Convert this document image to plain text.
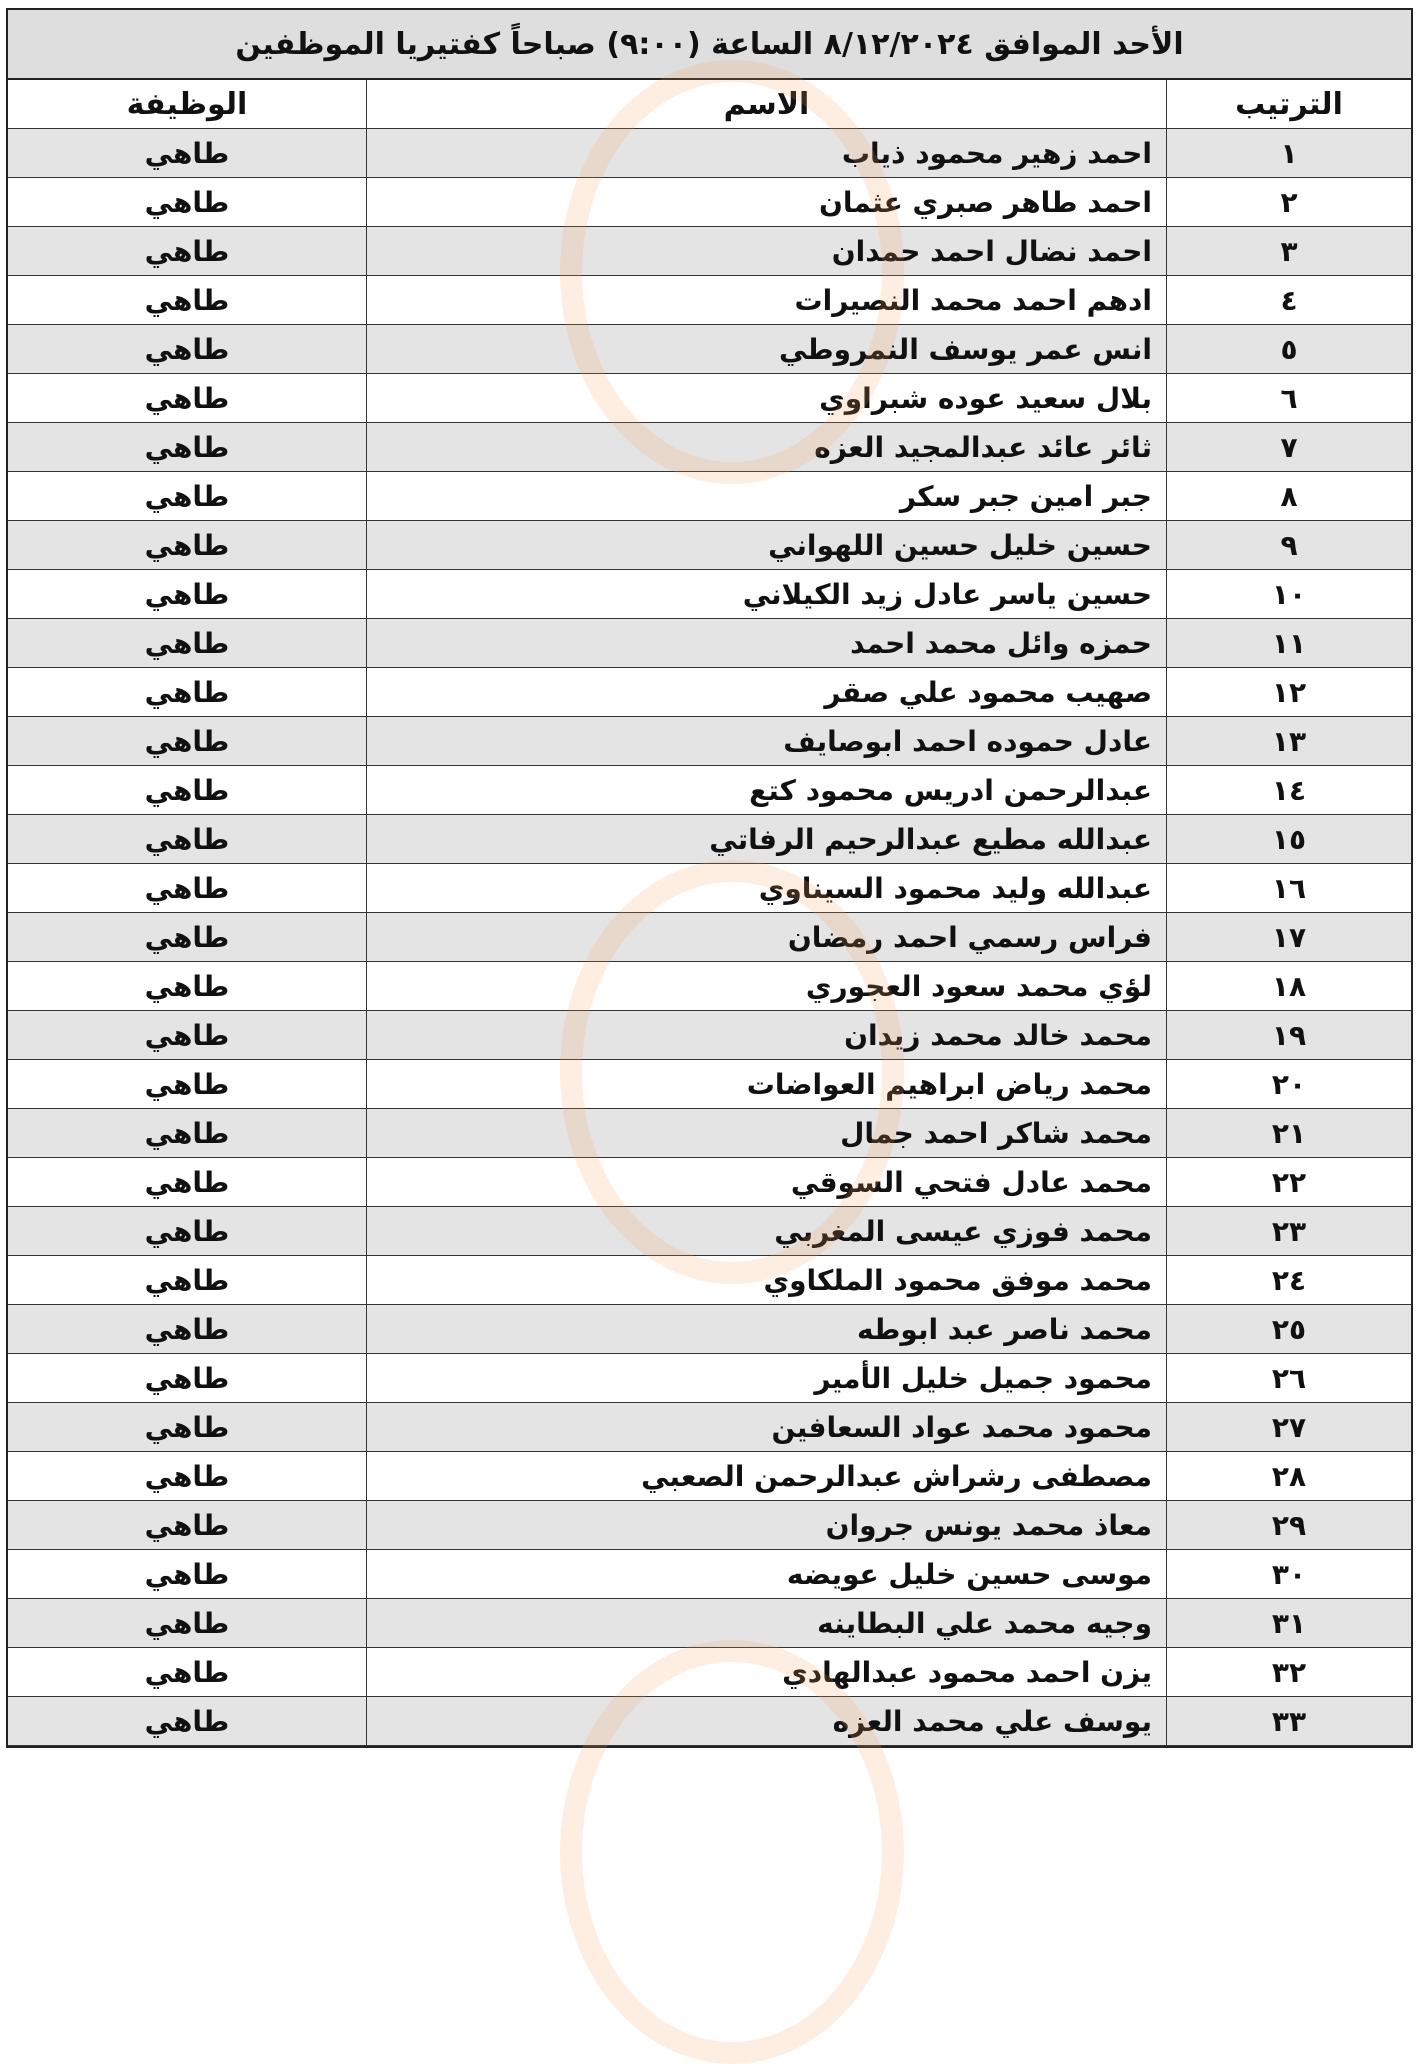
الأحد الموافق ٨/١٢/٢٠٢٤ الساعة (٩:٠٠) صباحاً كفتيريا الموظفين
الترتيب	الاسم	الوظيفة
١	احمد زهير محمود ذياب	طاهي
٢	احمد طاهر صبري عثمان	طاهي
٣	احمد نضال احمد حمدان	طاهي
٤	ادهم احمد محمد النصيرات	طاهي
٥	انس عمر يوسف النمروطي	طاهي
٦	بلال سعيد عوده شبراوي	طاهي
٧	ثائر عائد عبدالمجيد العزه	طاهي
٨	جبر امين جبر سكر	طاهي
٩	حسين خليل حسين اللهواني	طاهي
١٠	حسين ياسر عادل زيد الكيلاني	طاهي
١١	حمزه وائل محمد احمد	طاهي
١٢	صهيب محمود علي صقر	طاهي
١٣	عادل حموده احمد ابوصايف	طاهي
١٤	عبدالرحمن ادريس محمود كتع	طاهي
١٥	عبدالله مطيع عبدالرحيم الرفاتي	طاهي
١٦	عبدالله وليد محمود السيناوي	طاهي
١٧	فراس رسمي احمد رمضان	طاهي
١٨	لؤي محمد سعود العجوري	طاهي
١٩	محمد خالد محمد زيدان	طاهي
٢٠	محمد رياض ابراهيم العواضات	طاهي
٢١	محمد شاكر احمد جمال	طاهي
٢٢	محمد عادل فتحي السوقي	طاهي
٢٣	محمد فوزي عيسى المغربي	طاهي
٢٤	محمد موفق محمود الملكاوي	طاهي
٢٥	محمد ناصر عبد ابوطه	طاهي
٢٦	محمود جميل خليل الأمير	طاهي
٢٧	محمود محمد عواد السعافين	طاهي
٢٨	مصطفى رشراش عبدالرحمن الصعبي	طاهي
٢٩	معاذ محمد يونس جروان	طاهي
٣٠	موسى حسين خليل عويضه	طاهي
٣١	وجيه محمد علي البطاينه	طاهي
٣٢	يزن احمد محمود عبدالهادي	طاهي
٣٣	يوسف علي محمد العزه	طاهي
